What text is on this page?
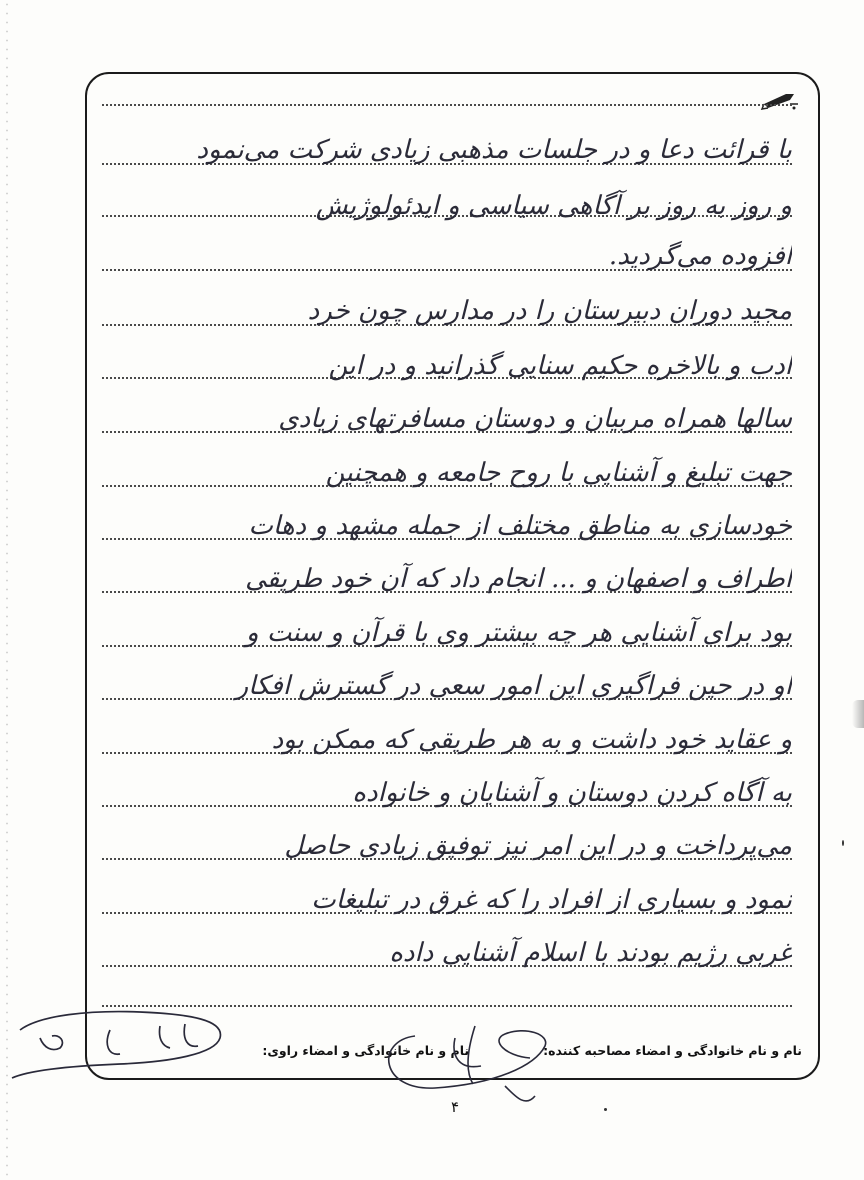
با قرائت دعا و در جلسات مذهبی زیادی شرکت می‌نمود
و روز به روز بر آگاهی سیاسی و ایدئولوژیش
افزوده می‌گردید.
مجید دوران دبیرستان را در مدارس چون خرد
ادب و بالاخره حکیم سنایی گذرانید و در این
سالها همراه مربیان و دوستان مسافرتهای زیادی
جهت تبلیغ و آشنایی با روح جامعه و همچنین
خودسازی به مناطق مختلف از جمله مشهد و دهات
اطراف و اصفهان و ... انجام داد که آن خود طریقی
بود برای آشنایی هر چه بیشتر وی با قرآن و سنت و
او در حین فراگیری این امور سعی در گسترش افکار
و عقاید خود داشت و به هر طریقی که ممکن بود
به آگاه کردن دوستان و آشنایان و خانواده
می‌پرداخت و در این امر نیز توفیق زیادی حاصل
نمود و بسیاری از افراد را که غرق در تبلیغات
غربی رژیم بودند با اسلام آشنایی داده
نام و نام خانوادگی و امضاء مصاحبه کننده:
نام و نام خانوادگی و امضاء راوی:
۴
